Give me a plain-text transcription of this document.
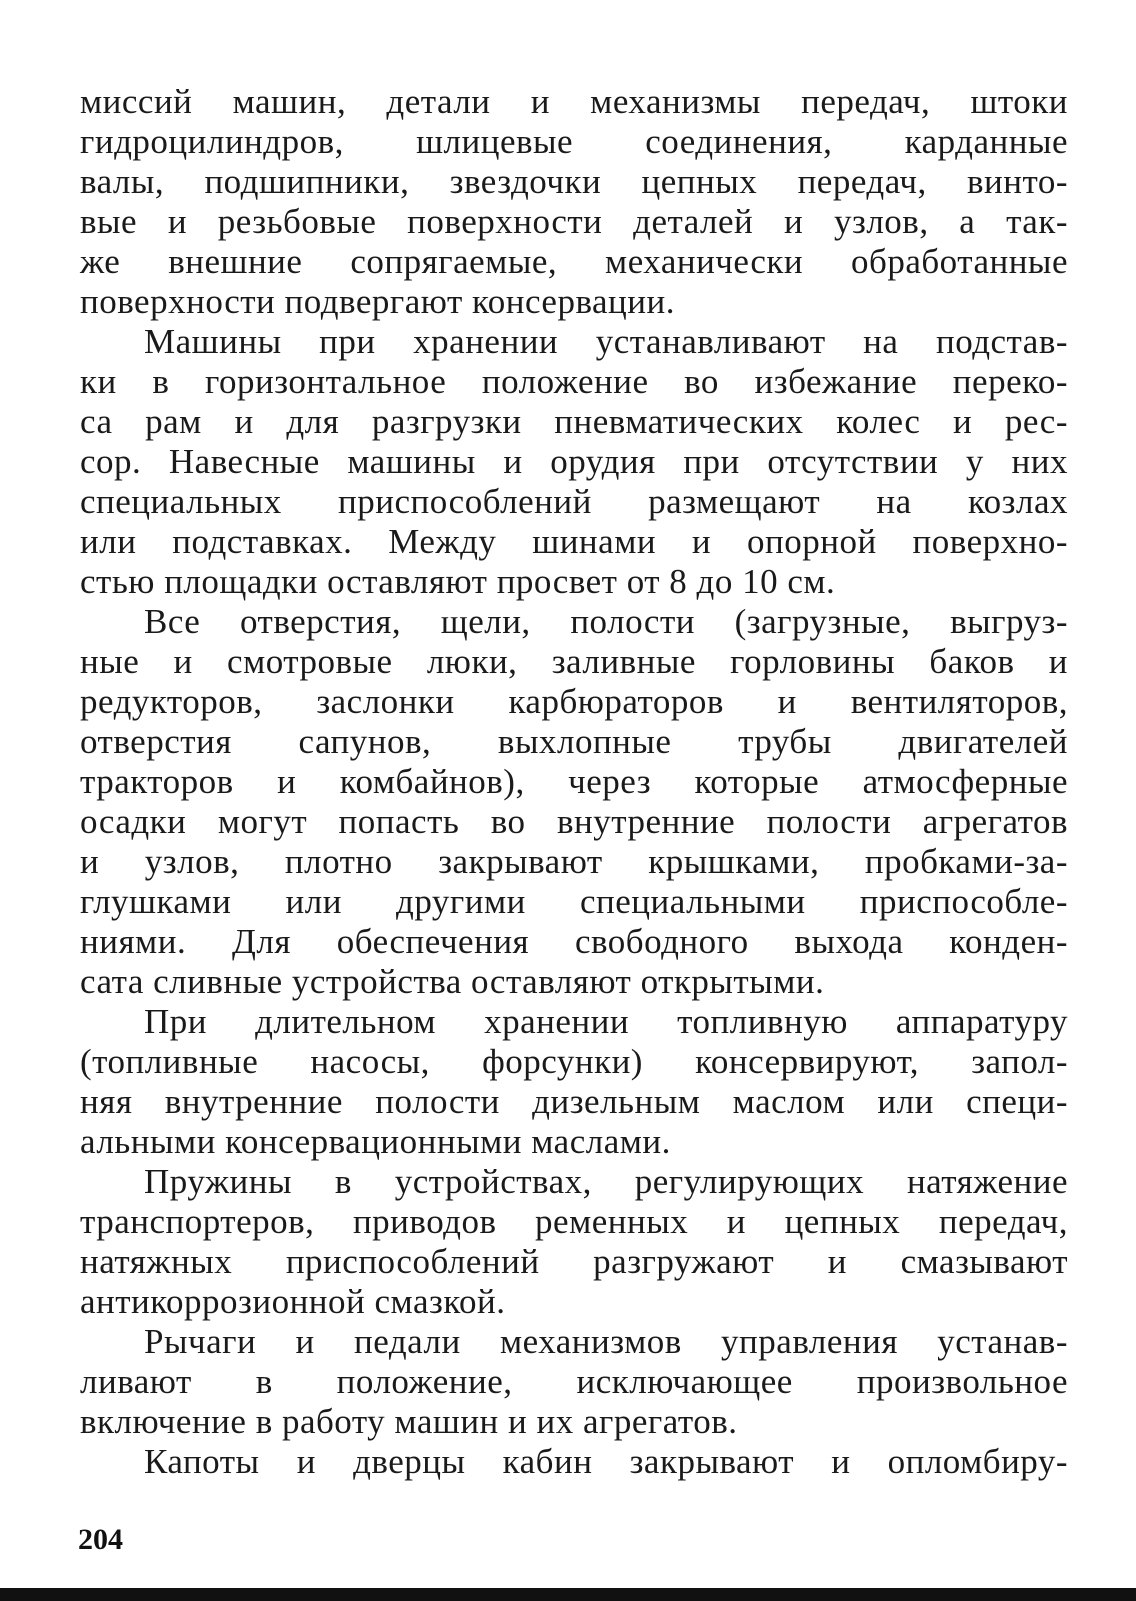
миссий машин, детали и механизмы передач, штоки
гидроцилиндров, шлицевые соединения, карданные
валы, подшипники, звездочки цепных передач, винто-
вые и резьбовые поверхности деталей и узлов, а так-
же внешние сопрягаемые, механически обработанные
поверхности подвергают консервации.
Машины при хранении устанавливают на подстав-
ки в горизонтальное положение во избежание переко-
са рам и для разгрузки пневматических колес и рес-
сор. Навесные машины и орудия при отсутствии у них
специальных приспособлений размещают на козлах
или подставках. Между шинами и опорной поверхно-
стью площадки оставляют просвет от 8 до 10 см.
Все отверстия, щели, полости (загрузные, выгруз-
ные и смотровые люки, заливные горловины баков и
редукторов, заслонки карбюраторов и вентиляторов,
отверстия сапунов, выхлопные трубы двигателей
тракторов и комбайнов), через которые атмосферные
осадки могут попасть во внутренние полости агрегатов
и узлов, плотно закрывают крышками, пробками-за-
глушками или другими специальными приспособле-
ниями. Для обеспечения свободного выхода конден-
сата сливные устройства оставляют открытыми.
При длительном хранении топливную аппаратуру
(топливные насосы, форсунки) консервируют, запол-
няя внутренние полости дизельным маслом или специ-
альными консервационными маслами.
Пружины в устройствах, регулирующих натяжение
транспортеров, приводов ременных и цепных передач,
натяжных приспособлений разгружают и смазывают
антикоррозионной смазкой.
Рычаги и педали механизмов управления устанав-
ливают в положение, исключающее произвольное
включение в работу машин и их агрегатов.
Капоты и дверцы кабин закрывают и опломбиру-
204
